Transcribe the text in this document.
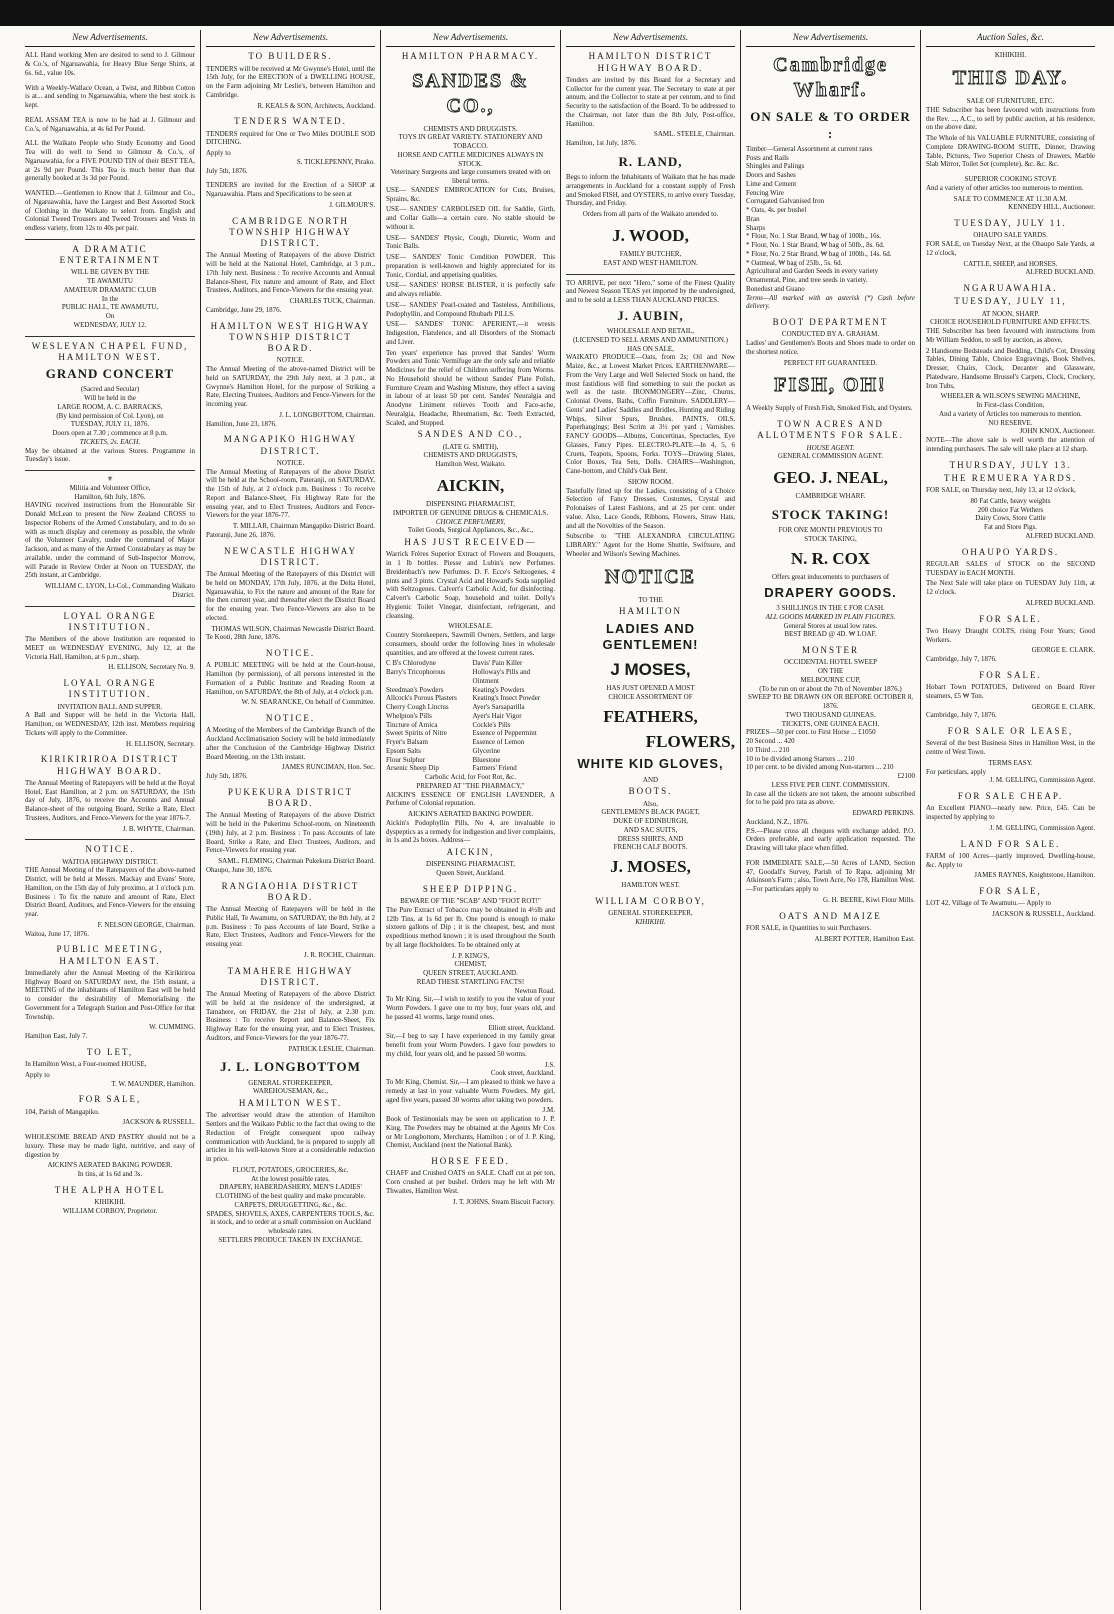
New Advertisements.

ALL Hand working Men are desired to send to J. Gilmour & Co.'s, of Ngaruawahia, for Heavy Blue Serge Shirts, at 6s. 6d., value 10s.

With a Weekly-Wallace Ocean, a Twist, and Ribbon Cotton is at... and sending to Ngaruawahia, where the best stock is kept.

REAL ASSAM TEA is now to be had at J. Gilmour and Co.'s, of Ngaruawahia, at 4s 6d Per Pound.

ALL the Waikato People who Study Economy and Good Tea will do well to Send to Gilmour & Co.'s, of Ngaruawahia, for a FIVE POUND TIN of their BEST TEA, at 2s 9d per Pound. This Tea is much better than that generally booked at 3s 3d per Pound.

WANTED.—Gentlemen to Know that J. Gilmour and Co., of Ngaruawahia, have the Largest and Best Assorted Stock of Clothing in the Waikato to select from. English and Colonial Tweed Trousers and Tweed Trousers and Vests in endless variety, from 12s to 40s per pair.

A DRAMATIC ENTERTAINMENT
WILL BE GIVEN BY THE
TE AWAMUTU
AMATEUR DRAMATIC CLUB
In the
PUBLIC HALL, TE AWAMUTU,
On
WEDNESDAY, JULY 12.
WESLEYAN CHAPEL FUND, HAMILTON WEST.
GRAND CONCERT
(Sacred and Secular)
Will be held in the
LARGE ROOM, A. C. BARRACKS,
(By kind permission of Col. Lyon), on
TUESDAY, JULY 11, 1876.
Doors open at 7.30 ; commence at 8 p.m.
TICKETS, 2s. EACH.

May be obtained at the various Stores. Programme in Tuesday's issue.

⚜
Militia and Volunteer Office,
Hamilton, 6th July, 1876.

HAVING received instructions from the Honourable Sir Donald McLean to present the New Zealand CROSS to Inspector Roberts of the Armed Constabulary, and to do so with as much display and ceremony as possible, the whole of the Volunteer Cavalry, under the command of Major Jackson, and as many of the Armed Constabulary as may be available, under the command of Sub-Inspector Morrow, will Parade in Review Order at Noon on TUESDAY, the 25th instant, at Cambridge.

WILLIAM C. LYON, Lt-Col., Commanding Waikato District.
LOYAL ORANGE INSTITUTION.

The Members of the above Institution are requested to MEET on WEDNESDAY EVENING, July 12, at the Victoria Hall, Hamilton, at 6 p.m., sharp.

H. ELLISON, Secretary No. 9.
LOYAL ORANGE INSTITUTION.
INVITATION BALL AND SUPPER.

A Ball and Supper will be held in the Victoria Hall, Hamilton, on WEDNESDAY, 12th inst. Members requiring Tickets will apply to the Committee.

H. ELLISON, Secretary.
KIRIKIRIROA DISTRICT HIGHWAY BOARD.

The Annual Meeting of Ratepayers will be held at the Royal Hotel, East Hamilton, at 2 p.m. on SATURDAY, the 15th day of July, 1876, to receive the Accounts and Annual Balance-sheet of the outgoing Board, Strike a Rate, Elect Trustees, Auditors, and Fence-Viewers for the year 1876-7.

J. B. WHYTE, Chairman.
NOTICE.
WAITOA HIGHWAY DISTRICT.

THE Annual Meeting of the Ratepayers of the above-named District, will be held at Messrs. Mackay and Evans' Store, Hamilton, on the 15th day of July proximo, at 1 o'clock p.m. Business : To fix the nature and amount of Rate, Elect District Board, Auditors, and Fence-Viewers for the ensuing year.

F. NELSON GEORGE, Chairman.
Waitoa, June 17, 1876.
PUBLIC MEETING, HAMILTON EAST.

Immediately after the Annual Meeting of the Kirikiriroa Highway Board on SATURDAY next, the 15th instant, a MEETING of the inhabitants of Hamilton East will be held to consider the desirability of Memorialising the Government for a Telegraph Station and Post-Office for that Township.

W. CUMMING.
Hamilton East, July 7.
TO LET,

In Hamilton West, a Four-roomed HOUSE,

Apply to
T. W. MAUNDER, Hamilton.
FOR SALE,

104, Parish of Mangapiko.

JACKSON & RUSSELL.

WHOLESOME BREAD AND PASTRY should not be a luxury. These may be made light, nutritive, and easy of digestion by

AICKIN'S AERATED BAKING POWDER.
In tins, at 1s 6d and 3s.
THE ALPHA HOTEL
KIHIKIHI.
WILLIAM CORBOY, Proprietor.
New Advertisements.
TO BUILDERS.

TENDERS will be received at Mr Gwynne's Hotel, until the 15th July, for the ERECTION of a DWELLING HOUSE, on the Farm adjoining Mr Leslie's, between Hamilton and Cambridge.

R. KEALS & SON, Architects, Auckland.
TENDERS WANTED.

TENDERS required for One or Two Miles DOUBLE SOD DITCHING.

Apply to
S. TICKLEPENNY, Pirako.
July 5th, 1876.

TENDERS are invited for the Erection of a SHOP at Ngaruawahia. Plans and Specifications to be seen at

J. GILMOUR'S.
CAMBRIDGE NORTH TOWNSHIP HIGHWAY DISTRICT.

The Annual Meeting of Ratepayers of the above District will be held at the National Hotel, Cambridge, at 3 p.m., 17th July next. Business : To receive Accounts and Annual Balance-Sheet, Fix nature and amount of Rate, and Elect Trustees, Auditors, and Fence-Viewers for the ensuing year.

CHARLES TUCK, Chairman.
Cambridge, June 29, 1876.
HAMILTON WEST HIGHWAY TOWNSHIP DISTRICT BOARD.
NOTICE.

The Annual Meeting of the above-named District will be held on SATURDAY, the 29th July next, at 3 p.m., at Gwynne's Hamilton Hotel, for the purpose of Striking a Rate, Electing Trustees, Auditors and Fence-Viewers for the incoming year.

J. L. LONGBOTTOM, Chairman.
Hamilton, June 23, 1876.
MANGAPIKO HIGHWAY DISTRICT.
NOTICE.

The Annual Meeting of Ratepayers of the above District will be held at the School-room, Pateranji, on SATURDAY, the 15th of July, at 2 o'clock p.m. Business : To receive Report and Balance-Sheet, Fix Highway Rate for the ensuing year, and to Elect Trustees, Auditors and Fence-Viewers for the year 1876-77.

T. MILLAR, Chairman Mangapiko District Board.
Pateranji, June 26, 1876.
NEWCASTLE HIGHWAY DISTRICT.

The Annual Meeting of the Ratepayers of this District will be held on MONDAY, 17th July, 1876, at the Delta Hotel, Ngaruawahia, to Fix the nature and amount of the Rate for the then current year, and thereafter elect the District Board for the ensuing year. Two Fence-Viewers are also to be elected.

THOMAS WILSON, Chairman Newcastle District Board.
Te Kooti, 28th June, 1876.
NOTICE.

A PUBLIC MEETING will be held at the Court-house, Hamilton (by permission), of all persons interested in the Formation of a Public Institute and Reading Room at Hamilton, on SATURDAY, the 8th of July, at 4 o'clock p.m.

W. N. SEARANCKE, On behalf of Committee.
NOTICE.

A Meeting of the Members of the Cambridge Branch of the Auckland Acclimatisation Society will be held immediately after the Conclusion of the Cambridge Highway District Board Meeting, on the 13th instant.

JAMES RUNCIMAN, Hon. Sec.
July 5th, 1876.
PUKEKURA DISTRICT BOARD.

The Annual Meeting of Ratepayers of the above District will be held in the Pukerimu School-room, on Nineteenth (19th) July, at 2 p.m. Business : To pass Accounts of late Board, Strike a Rate, and Elect Trustees, Auditors, and Fence-Viewers for ensuing year.

SAML. FLEMING, Chairman Pukekura District Board.
Ohaupo, June 30, 1876.
RANGIAOHIA DISTRICT BOARD.

The Annual Meeting of Ratepayers will be held in the Public Hall, Te Awamutu, on SATURDAY, the 8th July, at 2 p.m. Business : To pass Accounts of late Board, Strike a Rate, Elect Trustees, Auditors and Fence-Viewers for the ensuing year.

J. R. ROCHE, Chairman.
TAMAHERE HIGHWAY DISTRICT.

The Annual Meeting of Ratepayers of the above District will be held at the residence of the undersigned, at Tamahere, on FRIDAY, the 21st of July, at 2.30 p.m. Business : To receive Report and Balance-Sheet, Fix Highway Rate for the ensuing year, and to Elect Trustees, Auditors, and Fence-Viewers for the year 1876-77.

PATRICK LESLIE, Chairman.
J. L. LONGBOTTOM
GENERAL STOREKEEPER,
WAREHOUSEMAN, &c.,
HAMILTON WEST.

The advertiser would draw the attention of Hamilton Settlers and the Waikato Public to the fact that owing to the Reduction of Freight consequent upon railway communication with Auckland, he is prepared to supply all articles in his well-known Store at a considerable reduction in price.

FLOUT, POTATOES, GROCERIES, &c.
At the lowest possible rates.
DRAPERY, HABERDASHERY, MEN'S LADIES' CLOTHING of the best quality and make procurable.
CARPETS, DRUGGETTING, &c., &c.
SPADES, SHOVELS, AXES, CARPENTERS TOOLS, &c. in stock, and to order at a small commission on Auckland wholesale rates.
SETTLERS PRODUCE TAKEN IN EXCHANGE.
New Advertisements.
HAMILTON PHARMACY.
SANDES & CO.,
CHEMISTS AND DRUGGISTS.
TOYS IN GREAT VARIETY. STATIONERY AND TOBACCO.
HORSE AND CATTLE MEDICINES ALWAYS IN STOCK.
Veterinary Surgeons and large consumers treated with on liberal terms.

USE— SANDES' EMBROCATION for Cuts, Bruises, Sprains, &c.

USE— SANDES' CARBOLISED OIL for Saddle, Girth, and Collar Galls—a certain cure. No stable should be without it.

USE— SANDES' Physic, Cough, Diuretic, Worm and Tonic Balls.

USE— SANDES' Tonic Condition POWDER. This preparation is well-known and highly appreciated for its Tonic, Cordial, and appetising qualities.

USE— SANDES' HORSE BLISTER, it is perfectly safe and always reliable.

USE— SANDES' Pearl-coated and Tasteless, Antibilious, Podophyllin, and Compound Rhubarb PILLS.

USE— SANDES' TONIC APERIENT,—it wrests Indigestion, Flatulence, and all Disorders of the Stomach and Liver.

Ten years' experience has proved that Sandes' Worm Powders and Tonic Vermifuge are the only safe and reliable Medicines for the relief of Children suffering from Worms. No Household should be without Sandes' Plate Polish, Furniture Cream and Washing Mixture, they effect a saving in labour of at least 50 per cent. Sandes' Neuralgia and Anodyne Liniment relieves Tooth and Face-ache, Neuralgia, Headache, Rheumatism, &c. Teeth Extracted, Scaled, and Stopped.

SANDES AND CO.,
(LATE G. SMITH),
CHEMISTS AND DRUGGISTS,
Hamilton West, Waikato.
AICKIN,
DISPENSING PHARMACIST,
IMPORTER OF GENUINE DRUGS & CHEMICALS.
CHOICE PERFUMERY,
Toilet Goods, Surgical Appliances, &c., &c.,
HAS JUST RECEIVED—

Warrick Frères Superior Extract of Flowers and Bouquets, in 1 lb bottles. Piesse and Lubin's new Perfumes. Breidenbach's new Perfumes. D. F. Ecce's Seltzogenes, 4 pints and 3 pints. Crystal Acid and Howard's Soda supplied with Seltzogenes. Calvert's Carbolic Acid, for disinfecting. Calvert's Carbolic Soap, household and toilet. Dolly's Hygienic Toilet Vinegar, disinfectant, refrigerant, and cleansing.

WHOLESALE.

Country Storekeepers, Sawmill Owners, Settlers, and large consumers, should order the following lines in wholesale quantities, and are offered at the lowest current rates.

C B's Chlorodyne	Davis' Pain Killer
Barry's Tricophorous	Holloway's Pills and Ointment
Steedman's Powders	Keating's Powders
Allcock's Porous Plasters	Keating's Insect Powder
Cherry Cough Linctus	Ayer's Sarsaparilla
Whelpton's Pills	Ayer's Hair Vigor
Tincture of Arnica	Cockle's Pills
Sweet Spirits of Nitre	Essence of Peppermint
Fryer's Balsam	Essence of Lemon
Epsom Salts	Glycerine
Flour Sulphur	Bluestone
Arsenic Sheep Dip	Farmers' Friend
Carbolic Acid, for Foot Rot, &c.
PREPARED AT "THE PHARMACY,"

AICKIN'S ESSENCE OF ENGLISH LAVENDER, A Perfume of Colonial reputation.

AICKIN'S AERATED BAKING POWDER.

Aickin's Podophyllin Pills, No 4, are invaluable to dyspeptics as a remedy for indigestion and liver complaints, in 1s and 2s boxes. Address—

AICKIN,
DISPENSING PHARMACIST,
Queen Street, Auckland.
SHEEP DIPPING.
BEWARE OF THE "SCAB" AND "FOOT ROT!"

The Pure Extract of Tobacco may be obtained in 4½lb and 12lb Tins, at 1s 6d per lb. One pound is enough to make sixteen gallons of Dip ; it is the cheapest, best, and most expeditious method known ; it is used throughout the South by all large flockholders. To be obtained only at

J. P. KING'S,
CHEMIST,
QUEEN STREET, AUCKLAND.
READ THESE STARTLING FACTS!
Newton Road.

To Mr King. Sir,—I wish to testify to you the value of your Worm Powders. I gave one to my boy, four years old, and he passed 41 worms, large round ones.

Elliott street, Auckland.

Sir,—I beg to say I have experienced in my family great benefit from your Worm Powders. I gave four powders to my child, four years old, and he passed 50 worms.

J.S.
Cook street, Auckland.

To Mr King, Chemist. Sir,—I am pleased to think we have a remedy at last in your valuable Worm Powders. My girl, aged five years, passed 30 worms after taking two powders.

J.M.

Book of Testimonials may be seen on application to J. P. King. The Powders may be obtained at the Agents Mr Cox or Mr Longbottom, Merchants, Hamilton ; or of J. P. King, Chemist, Auckland (next the National Bank).

HORSE FEED.

CHAFF and Crushed OATS on SALE. Chaff cut at per ton, Corn crushed at per bushel. Orders may be left with Mr Thwaites, Hamilton West.

J. T. JOHNS, Steam Biscuit Factory.
New Advertisements.
HAMILTON DISTRICT HIGHWAY BOARD.

Tenders are invited by this Board for a Secretary and Collector for the current year. The Secretary to state at per annum, and the Collector to state at per centum, and to find Security to the satisfaction of the Board. To be addressed to the Chairman, not later than the 8th July, Post-office, Hamilton.

SAML. STEELE, Chairman.
Hamilton, 1st July, 1876.
R. LAND,

Begs to inform the Inhabitants of Waikato that he has made arrangements in Auckland for a constant supply of Fresh and Smoked FISH, and OYSTERS, to arrive every Tuesday, Thursday, and Friday.

Orders from all parts of the Waikato attended to.
J. WOOD,
FAMILY BUTCHER,
EAST AND WEST HAMILTON.

TO ARRIVE, per next "Hero," some of the Finest Quality and Newest Season TEAS yet imported by the undersigned, and to be sold at LESS THAN AUCKLAND PRICES.

J. AUBIN,
WHOLESALE AND RETAIL,
(LICENSED TO SELL ARMS AND AMMUNITION.)
HAS ON SALE,

WAIKATO PRODUCE—Oats, from 2s; Oil and New Maize, &c., at Lowest Market Prices. EARTHENWARE—From the Very Large and Well Selected Stock on hand, the most fastidious will find something to suit the pocket as well as the taste. IRONMONGERY—Zinc, Churns, Colonial Ovens, Baths, Coffin Furniture. SADDLERY—Gents' and Ladies' Saddles and Bridles, Hunting and Riding Whips, Silver Spurs, Brushes. PAINTS, OILS, Paperhangings; Best Scrim at 3½ per yard ; Varnishes. FANCY GOODS—Albums, Concertinas, Spectacles, Eye Glasses, Fancy Pipes. ELECTRO-PLATE—In 4, 5, 6 Cruets, Teapots, Spoons, Forks. TOYS—Drawing Slates, Color Boxes, Tea Sets, Dolls. CHAIRS—Washington, Cane-bottom, and Child's Oak Bent.

SHOW ROOM.

Tastefully fitted up for the Ladies, consisting of a Choice Selection of Fancy Dresses, Costumes, Crystal and Polonaises of Latest Fashions, and at 25 per cent. under value. Also, Lace Goods, Ribbons, Flowers, Straw Hats, and all the Novelties of the Season.

Subscribe to "THE ALEXANDRA CIRCULATING LIBRARY." Agent for the Home Shuttle, Swiftsure, and Wheeler and Wilson's Sewing Machines.

NOTICE
TO THE
HAMILTON
LADIES AND GENTLEMEN!
J MOSES,
HAS JUST OPENED A MOST
CHOICE ASSORTMENT OF
FEATHERS,
FLOWERS,
WHITE KID GLOVES,
AND
BOOTS.
Also,
GENTLEMEN'S BLACK PAGET,
DUKE OF EDINBURGH,
AND SAC SUITS,
DRESS SHIRTS, AND
FRENCH CALF BOOTS.
J. MOSES,
HAMILTON WEST.
WILLIAM CORBOY,
GENERAL STOREKEEPER,
KIHIKIHI.
New Advertisements.
Cambridge Wharf.
ON SALE & TO ORDER :
Timber—General Assortment at current rates
Posts and Rails
Shingles and Palings
Doors and Sashes
Lime and Cement
Fencing Wire
Corrugated Galvanised Iron
* Oats, 4s. per bushel
Bran
Sharps
* Flour, No. 1 Star Brand, ₩ bag of 100lb., 16s.
* Flour, No. 1 Star Brand, ₩ bag of 50lb., 8s. 6d.
* Flour, No. 2 Star Brand, ₩ bag of 100lb., 14s. 6d.
* Oatmeal, ₩ bag of 25lb., 5s. 6d.
Agricultural and Garden Seeds in every variety
Ornamental, Pine, and tree seeds in variety.
Bonedust and Guano

Terms—All marked with an asterisk (*) Cash before delivery.

BOOT DEPARTMENT
CONDUCTED BY A. GRAHAM.

Ladies' and Gentlemen's Boots and Shoes made to order on the shortest notice.

PERFECT FIT GUARANTEED.
FISH, OH!

A Weekly Supply of Fresh Fish, Smoked Fish, and Oysters.

TOWN ACRES AND ALLOTMENTS FOR SALE.
HOUSE AGENT.
GENERAL COMMISSION AGENT.
GEO. J. NEAL,
CAMBRIDGE WHARF.
STOCK TAKING!
FOR ONE MONTH PREVIOUS TO
STOCK TAKING,
N. R. COX
Offers great inducements to purchasers of
DRAPERY GOODS.
3 SHILLINGS IN THE £ FOR CASH.
ALL GOODS MARKED IN PLAIN FIGURES.
General Stores at usual low rates.
BEST BREAD @ 4D. ₩ LOAF.
MONSTER
OCCIDENTAL HOTEL SWEEP
ON THE
MELBOURNE CUP,
(To be run on or about the 7th of November 1876.)
SWEEP TO BE DRAWN ON OR BEFORE OCTOBER 8, 1876.
TWO THOUSAND GUINEAS.
TICKETS, ONE GUINEA EACH.
PRIZES—50 per cent. to First Horse ... £1050
20 Second ... 420
10 Third ... 210
10 to be divided among Starters ... 210
10 per cent. to be divided among Non-starters ... 210
£2100
LESS FIVE PER CENT. COMMISSION.

In case all the tickets are not taken, the amount subscribed for to be paid pro rata as above.

EDWARD PERKINS.
Auckland, N.Z., 1876.

P.S.—Please cross all cheques with exchange added. P.O. Orders preferable, and early application requested. The Drawing will take place when filled.

FOR IMMEDIATE SALE,—50 Acres of LAND, Section 47, Goodall's Survey, Parish of Te Rapa, adjoining Mr Atkinson's Farm ; also, Town Acre, No 178, Hamilton West.—For particulars apply to

G. H. BEERE, Kiwi Flour Mills.
OATS AND MAIZE

FOR SALE, in Quantities to suit Purchasers.

ALBERT POTTER, Hamilton East.
Auction Sales, &c.
KIHIKIHI.
THIS DAY.
SALE OF FURNITURE, ETC.

THE Subscriber has been favoured with instructions from the Rev. ..., A.C., to sell by public auction, at his residence, on the above date,

The Whole of his VALUABLE FURNITURE, consisting of Complete DRAWING-ROOM SUITE, Dinner, Drawing Table, Pictures, Two Superior Chests of Drawers, Marble Slab Mirror, Toilet Set (complete), &c. &c. &c.

SUPERIOR COOKING STOVE

And a variety of other articles too numerous to mention.

SALE TO COMMENCE AT 11.30 A.M.
KENNEDY HILL, Auctioneer.
TUESDAY, JULY 11.
OHAUPO SALE YARDS.

FOR SALE, on Tuesday Next, at the Ohaupo Sale Yards, at 12 o'clock,

CATTLE, SHEEP, and HORSES.
ALFRED BUCKLAND.
NGARUAWAHIA.
TUESDAY, JULY 11,
AT NOON, SHARP.
CHOICE HOUSEHOLD FURNITURE AND EFFECTS.

THE Subscriber has been favoured with instructions from Mr William Seddon, to sell by auction, as above,

2 Handsome Bedsteads and Bedding, Child's Cot, Dressing Tables, Dining Table, Choice Engravings, Book Shelves, Dresser, Chairs, Clock, Decanter and Glassware, Platedware, Handsome Brussel's Carpets, Clock, Crockery, Iron Tubs,

WHEELER & WILSON'S SEWING MACHINE,
In First-class Condition,
And a variety of Articles too numerous to mention.
NO RESERVE.
JOHN KNOX, Auctioneer.

NOTE—The above sale is well worth the attention of intending purchasers. The sale will take place at 12 sharp.

THURSDAY, JULY 13.
THE REMUERA YARDS.

FOR SALE, on Thursday next, July 13, at 12 o'clock,

80 Fat Cattle, heavy weights
200 choice Fat Wethers
Dairy Cows, Store Cattle
Fat and Store Pigs.
ALFRED BUCKLAND.
OHAUPO YARDS.

REGULAR SALES of STOCK on the SECOND TUESDAY in EACH MONTH.

The Next Sale will take place on TUESDAY July 11th, at 12 o'clock.

ALFRED BUCKLAND.
FOR SALE.

Two Heavy Draught COLTS, rising Four Years; Good Workers.

GEORGE E. CLARK.
Cambridge, July 7, 1876.
FOR SALE.

Hobart Town POTATOES, Delivered on Board River steamers, £5 ₩ Ton.

GEORGE E. CLARK.
Cambridge, July 7, 1876.
FOR SALE OR LEASE,

Several of the best Business Sites in Hamilton West, in the centre of West Town.

TERMS EASY.
For particulars, apply
J. M. GELLING, Commission Agent.
FOR SALE CHEAP.

An Excellent PIANO—nearly new. Price, £45. Can be inspected by applying to

J. M. GELLING, Commission Agent.
LAND FOR SALE.

FARM of 100 Acres—partly improved, Dwelling-house, &c. Apply to

JAMES RAYNES, Knightstone, Hamilton.
FOR SALE,

LOT 42, Village of Te Awamutu.— Apply to

JACKSON & RUSSELL, Auckland.
